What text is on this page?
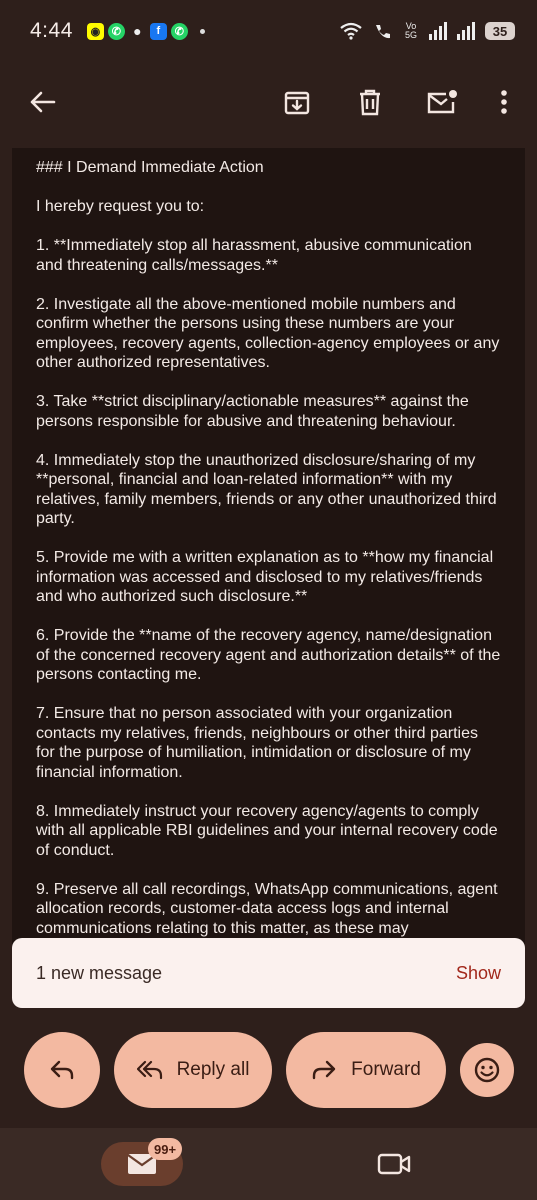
4:44	◉	✆ ●	f	✆	Vo 5G	35

### I Demand Immediate Action

I hereby request you to:

1. **Immediately stop all harassment, abusive communication and threatening calls/messages.**

2. Investigate all the above-mentioned mobile numbers and confirm whether the persons using these numbers are your employees, recovery agents, collection-agency employees or any other authorized representatives.

3. Take **strict disciplinary/actionable measures** against the persons responsible for abusive and threatening behaviour.

4. Immediately stop the unauthorized disclosure/sharing of my **personal, financial and loan-related information** with my relatives, family members, friends or any other unauthorized third party.

5. Provide me with a written explanation as to **how my financial information was accessed and disclosed to my relatives/friends and who authorized such disclosure.**

6. Provide the **name of the recovery agency, name/designation of the concerned recovery agent and authorization details** of the persons contacting me.

7. Ensure that no person associated with your organization contacts my relatives, friends, neighbours or other third parties for the purpose of humiliation, intimidation or disclosure of my financial information.

8. Immediately instruct your recovery agency/agents to comply with all applicable RBI guidelines and your internal recovery code of conduct.

9. Preserve all call recordings, WhatsApp communications, agent allocation records, customer-data access logs and internal communications relating to this matter, as these may

1 new message	Show
Reply all	Forward
99+
